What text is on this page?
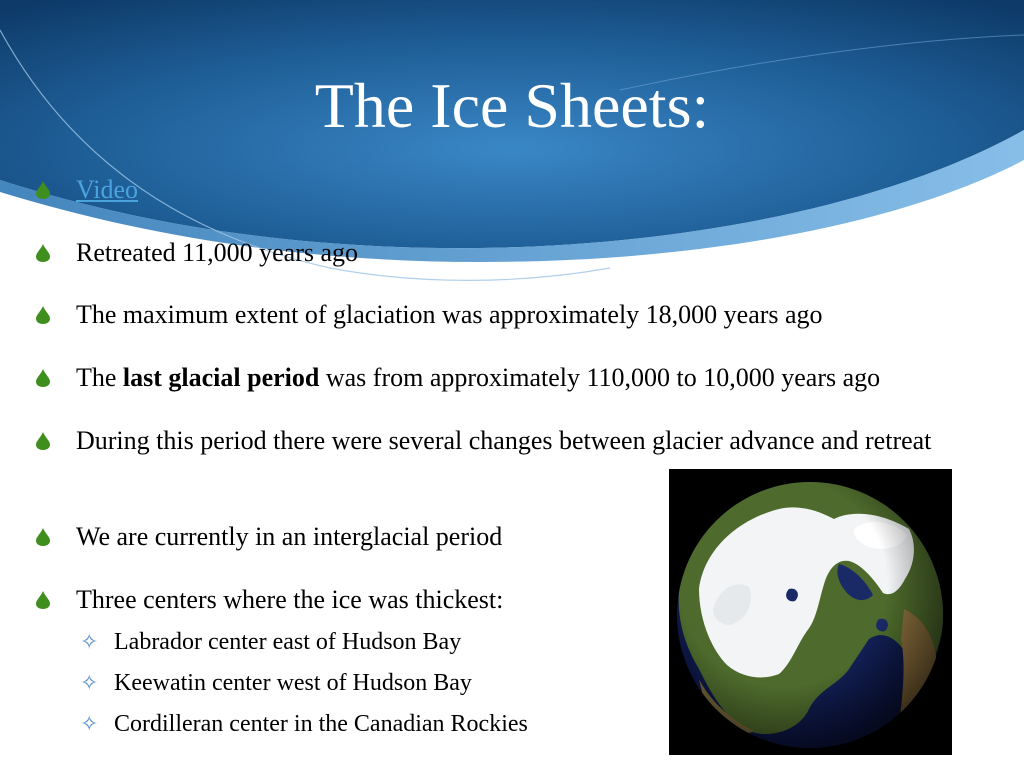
The Ice Sheets:
Video
Retreated 11,000 years ago
The maximum extent of glaciation was approximately 18,000 years ago
The last glacial period was from approximately 110,000 to 10,000 years ago
During this period there were several changes between glacier advance and retreat
We are currently in an interglacial period
Three centers where the ice was thickest:
✧ Labrador center east of Hudson Bay
✧ Keewatin center west of Hudson Bay
✧ Cordilleran center in the Canadian Rockies
